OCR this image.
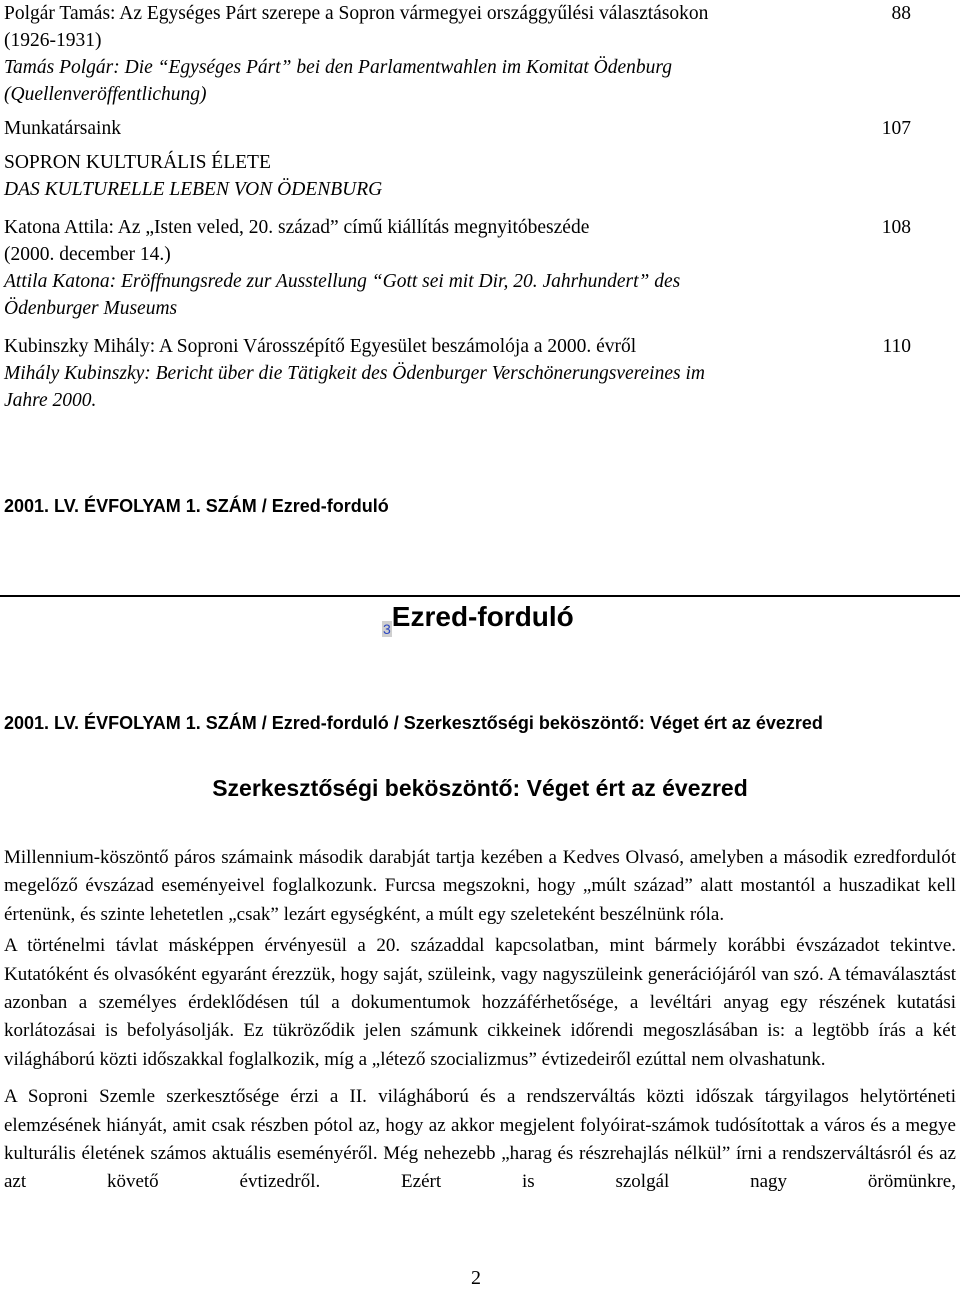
Polgár Tamás: Az Egységes Párt szerepe a Sopron vármegyei országgyűlési választásokon	88
(1926-1931)
Tamás Polgár: Die “Egységes Párt” bei den Parlamentwahlen im Komitat Ödenburg
(Quellenveröffentlichung)
Munkatársaink	107
SOPRON KULTURÁLIS ÉLETE
DAS KULTURELLE LEBEN VON ÖDENBURG
Katona Attila: Az „Isten veled, 20. század” című kiállítás megnyitóbeszéde	108
(2000. december 14.)
Attila Katona: Eröffnungsrede zur Ausstellung “Gott sei mit Dir, 20. Jahrhundert” des
Ödenburger Museums
Kubinszky Mihály: A Soproni Városszépítő Egyesület beszámolója a 2000. évről	110
Mihály Kubinszky: Bericht über die Tätigkeit des Ödenburger Verschönerungsvereines im
Jahre 2000.
2001. LV. ÉVFOLYAM 1. SZÁM / Ezred-forduló
$_3$Ezred-forduló
2001. LV. ÉVFOLYAM 1. SZÁM / Ezred-forduló / Szerkesztőségi beköszöntő: Véget ért az évezred
Szerkesztőségi beköszöntő: Véget ért az évezred

Millennium-köszöntő páros számaink második darabját tartja kezében a Kedves Olvasó, amelyben a második ezredfordulót megelőző évszázad eseményeivel foglalkozunk. Furcsa megszokni, hogy „múlt század” alatt mostantól a huszadikat kell értenünk, és szinte lehetetlen „csak” lezárt egységként, a múlt egy szeleteként beszélnünk róla.

A történelmi távlat másképpen érvényesül a 20. századdal kapcsolatban, mint bármely korábbi évszázadot tekintve. Kutatóként és olvasóként egyaránt érezzük, hogy saját, szüleink, vagy nagyszüleink generációjáról van szó. A témaválasztást azonban a személyes érdeklődésen túl a dokumentumok hozzáférhetősége, a levéltári anyag egy részének kutatási korlátozásai is befolyásolják. Ez tükröződik jelen számunk cikkeinek időrendi megoszlásában is: a legtöbb írás a két világháború közti időszakkal foglalkozik, míg a „létező szocializmus” évtizedeiről ezúttal nem olvashatunk.

A Soproni Szemle szerkesztősége érzi a II. világháború és a rendszerváltás közti időszak tárgyilagos helytörténeti elemzésének hiányát, amit csak részben pótol az, hogy az akkor megjelent folyóirat-számok tudósítottak a város és a megye kulturális életének számos aktuális eseményéről. Még nehezebb „harag és részrehajlás nélkül” írni a rendszerváltásról és az azt követő évtizedről. Ezért is szolgál nagy örömünkre,

2
